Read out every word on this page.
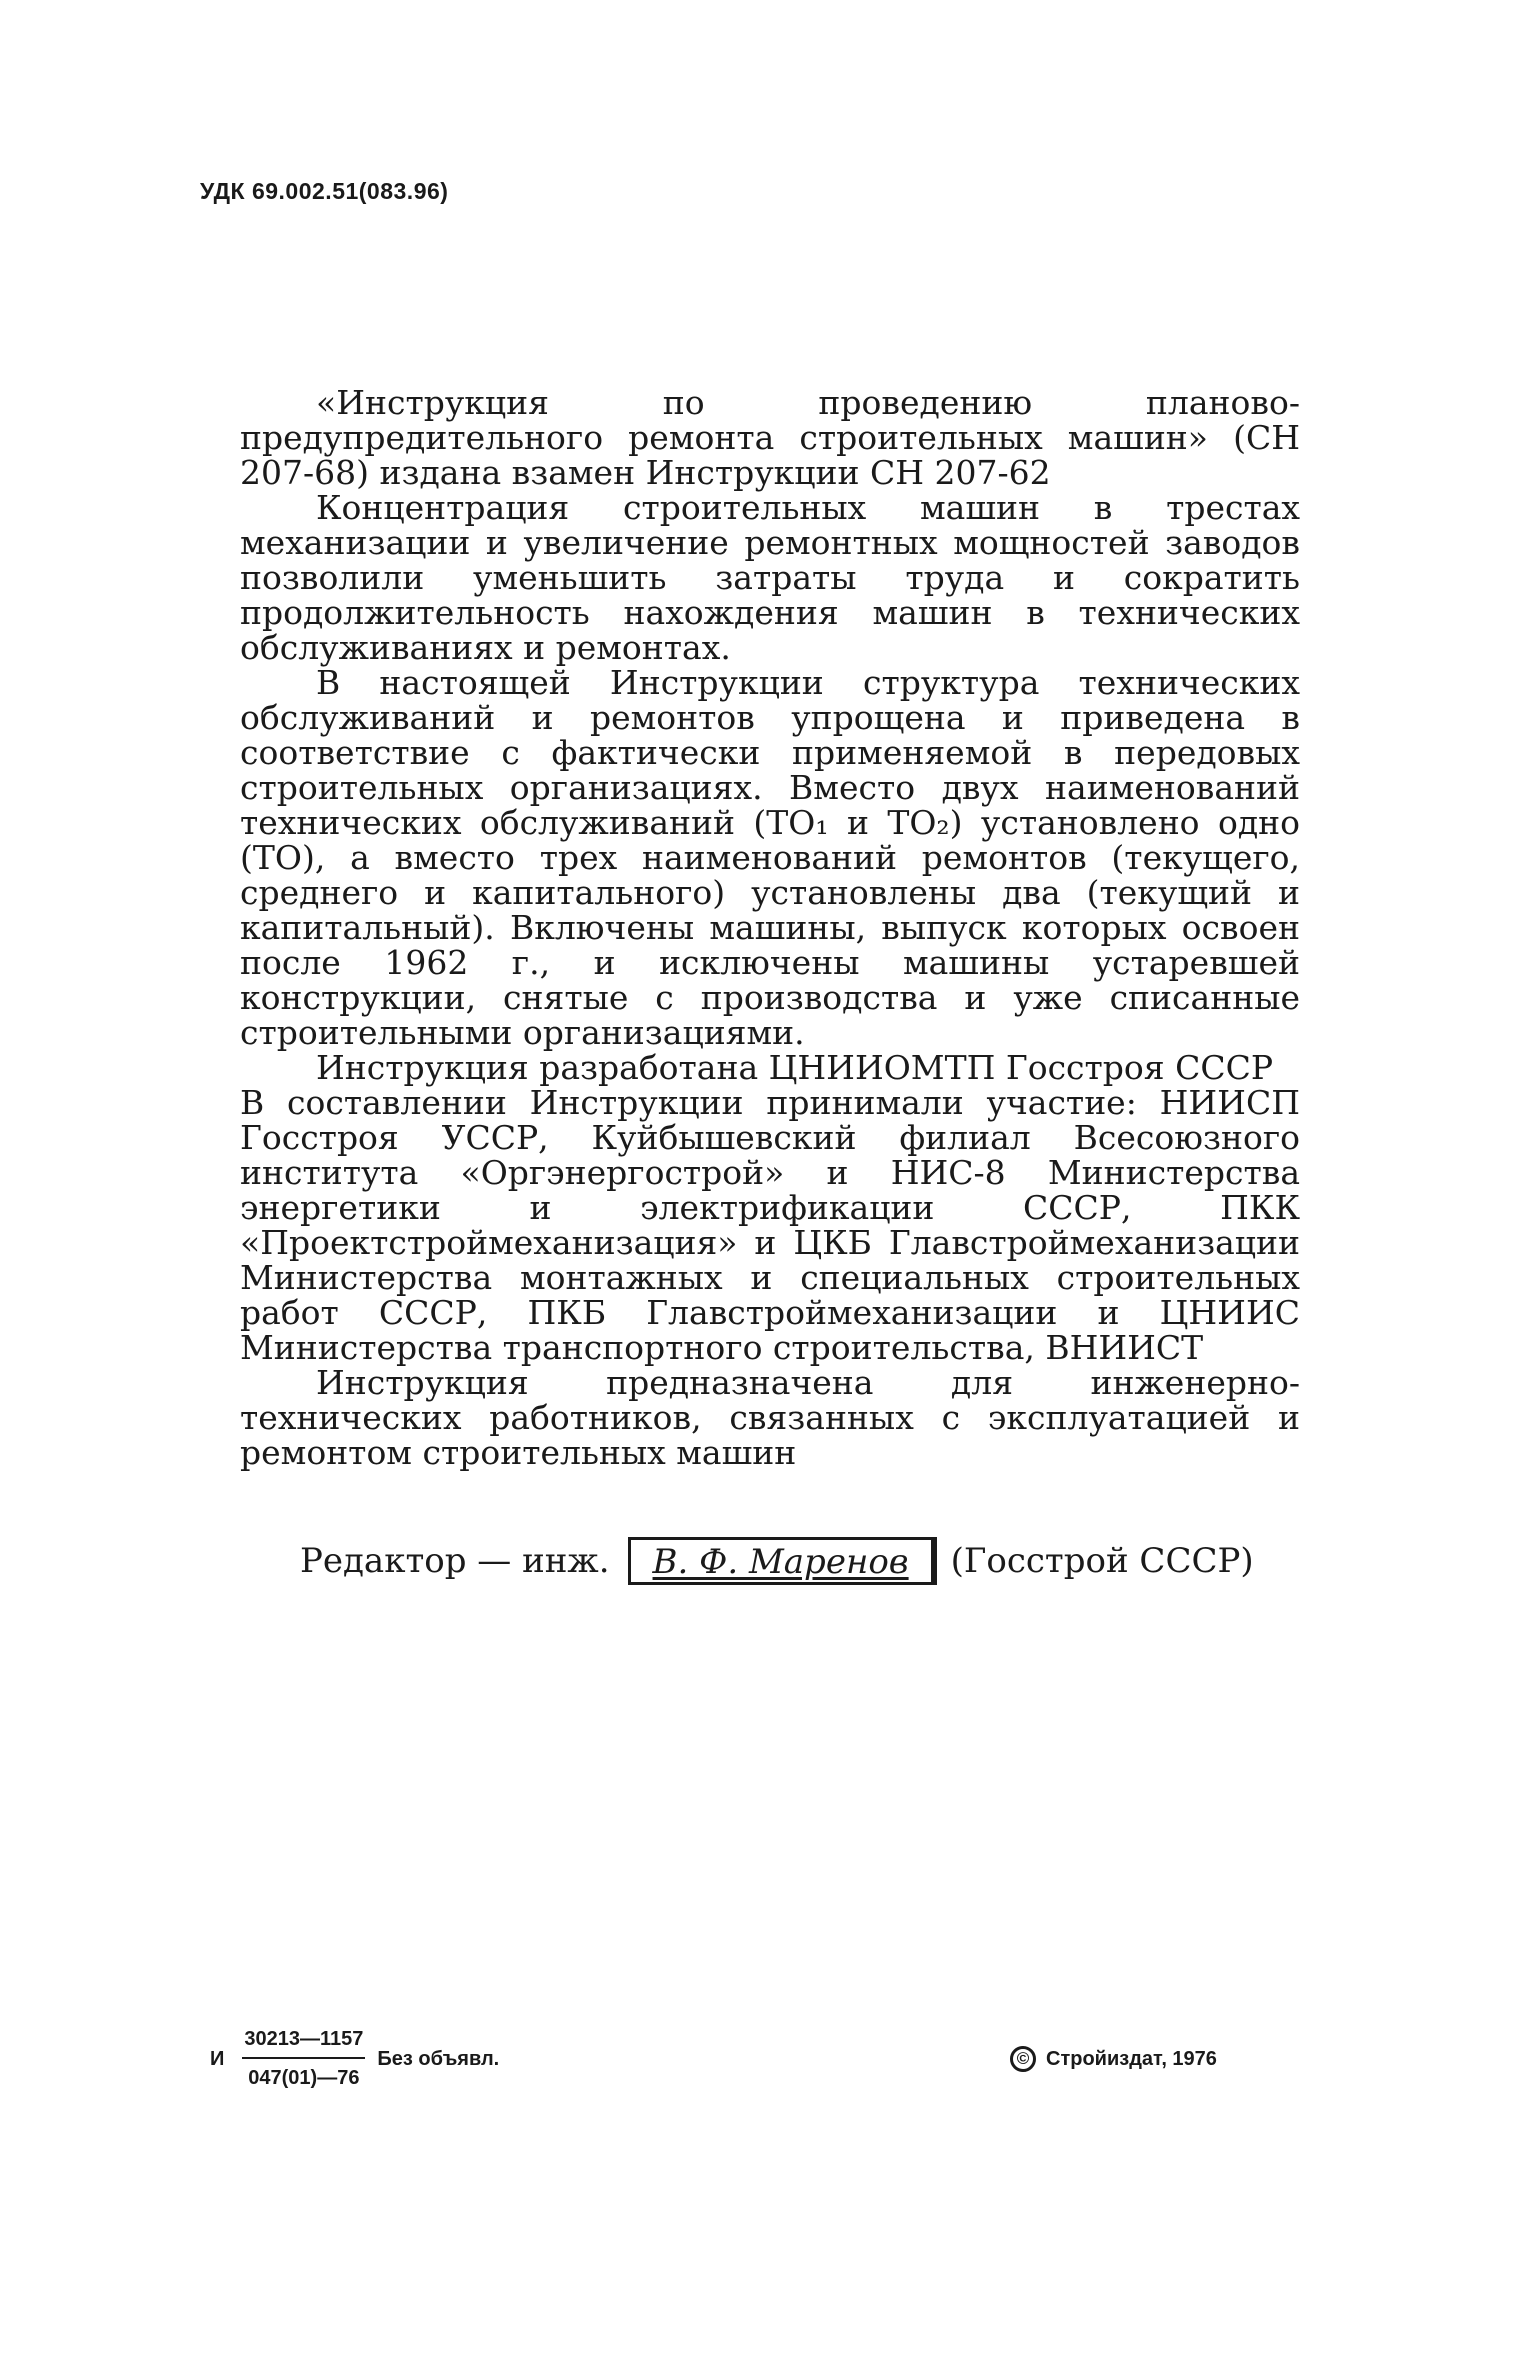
УДК 69.002.51(083.96)

«Инструкция по проведению планово-предупредительного ремонта строительных машин» (СН 207-68) издана взамен Инструкции СН 207-62

Концентрация строительных машин в трестах механизации и увеличение ремонтных мощностей заводов позволили уменьшить затраты труда и сократить продолжительность нахождения машин в технических обслуживаниях и ремонтах.

В настоящей Инструкции структура технических обслуживаний и ремонтов упрощена и приведена в соответствие с фактически применяемой в передовых строительных организациях. Вместо двух наименований технических обслуживаний (ТО₁ и ТО₂) установлено одно (ТО), а вместо трех наименований ремонтов (текущего, среднего и капитального) установлены два (текущий и капитальный). Включены машины, выпуск которых освоен после 1962 г., и исключены машины устаревшей конструкции, снятые с производства и уже списанные строительными организациями.

Инструкция разработана ЦНИИОМТП Госстроя СССР

В составлении Инструкции принимали участие: НИИСП Госстроя УССР, Куйбышевский филиал Всесоюзного института «Оргэнергострой» и НИС-8 Министерства энергетики и электрификации СССР, ПКК «Проектстроймеханизация» и ЦКБ Главстроймеханизации Министерства монтажных и специальных строительных работ СССР, ПКБ Главстроймеханизации и ЦНИИС Министерства транспортного строительства, ВНИИСТ

Инструкция предназначена для инженерно-технических работников, связанных с эксплуатацией и ремонтом строительных машин

Редактор — инж.	В. Ф. Маренов	(Госстрой СССР)
И $\frac{30213—1157}{047(01)—76}$ Без объявл.	© Стройиздат, 1976
